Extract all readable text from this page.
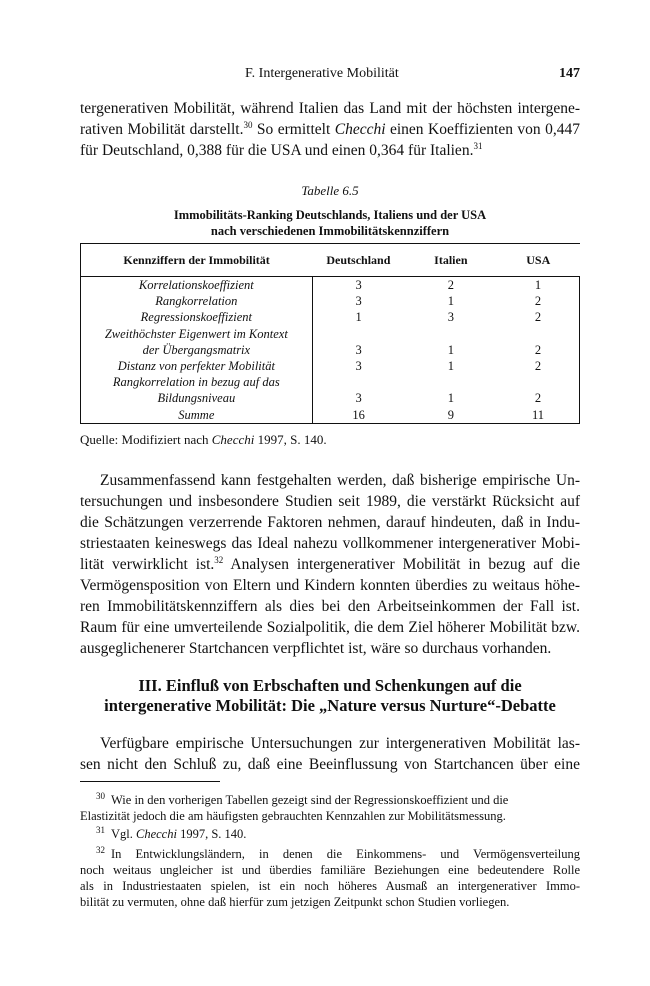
F. Intergenerative Mobilität	147
tergenerativen Mobilität, während Italien das Land mit der höchsten intergene-
rativen Mobilität darstellt.$^{30}$ So ermittelt Checchi einen Koeffizienten von 0,447
für Deutschland, 0,388 für die USA und einen 0,364 für Italien.$^{31}$
Tabelle 6.5
Immobilitäts-Ranking Deutschlands, Italiens und der USA
nach verschiedenen Immobilitätskennziffern
Kennziffern der Immobilität	Deutschland	Italien	USA
Korrelationskoeffizient	3	2	1
Rangkorrelation	3	1	2
Regressionskoeffizient	1	3	2
Zweithöchster Eigenwert im Kontext			
der Übergangsmatrix	3	1	2
Distanz von perfekter Mobilität	3	1	2
Rangkorrelation in bezug auf das			
Bildungsniveau	3	1	2
Summe	16	9	11
Quelle: Modifiziert nach Checchi 1997, S. 140.
Zusammenfassend kann festgehalten werden, daß bisherige empirische Un-
tersuchungen und insbesondere Studien seit 1989, die verstärkt Rücksicht auf
die Schätzungen verzerrende Faktoren nehmen, darauf hindeuten, daß in Indu-
striestaaten keineswegs das Ideal nahezu vollkommener intergenerativer Mobi-
lität verwirklicht ist.$^{32}$ Analysen intergenerativer Mobilität in bezug auf die
Vermögensposition von Eltern und Kindern konnten überdies zu weitaus höhe-
ren Immobilitätskennziffern als dies bei den Arbeitseinkommen der Fall ist.
Raum für eine umverteilende Sozialpolitik, die dem Ziel höherer Mobilität bzw.
ausgeglichenerer Startchancen verpflichtet ist, wäre so durchaus vorhanden.
III. Einfluß von Erbschaften und Schenkungen auf die
intergenerative Mobilität: Die „Nature versus Nurture“-Debatte
Verfügbare empirische Untersuchungen zur intergenerativen Mobilität las-
sen nicht den Schluß zu, daß eine Beeinflussung von Startchancen über eine
$^{30}$ Wie in den vorherigen Tabellen gezeigt sind der Regressionskoeffizient und die
Elastizität jedoch die am häufigsten gebrauchten Kennzahlen zur Mobilitätsmessung.
$^{31}$ Vgl. Checchi 1997, S. 140.
$^{32}$ In Entwicklungsländern, in denen die Einkommens- und Vermögensverteilung
noch weitaus ungleicher ist und überdies familiäre Beziehungen eine bedeutendere Rolle
als in Industriestaaten spielen, ist ein noch höheres Ausmaß an intergenerativer Immo-
bilität zu vermuten, ohne daß hierfür zum jetzigen Zeitpunkt schon Studien vorliegen.
